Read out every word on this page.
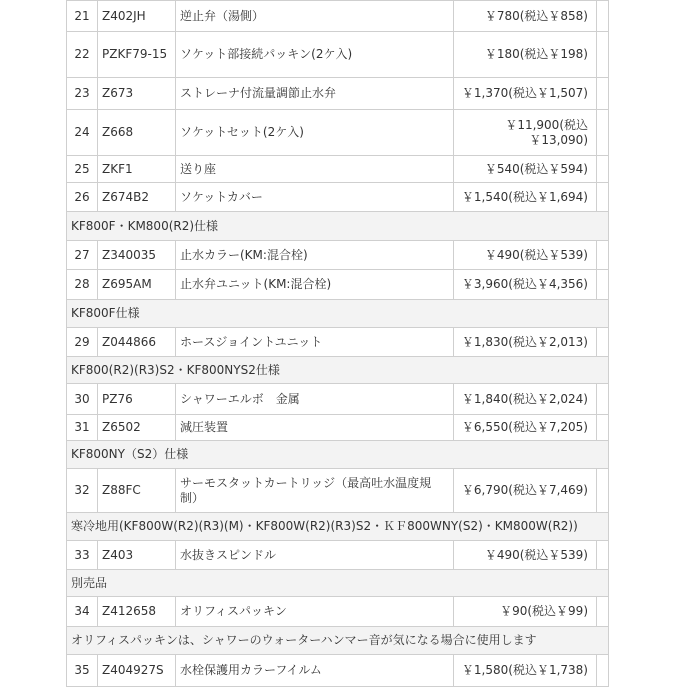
21	Z402JH	逆止弁（湯側）	￥780(税込￥858)	
22	PZKF79-15	ソケット部接続パッキン(2ケ入)	￥180(税込￥198)	
23	Z673	ストレーナ付流量調節止水弁	￥1,370(税込￥1,507)	
24	Z668	ソケットセット(2ケ入)	￥11,900(税込￥13,090)	
25	ZKF1	送り座	￥540(税込￥594)	
26	Z674B2	ソケットカバー	￥1,540(税込￥1,694)	
KF800F・KM800(R2)仕様				
27	Z340035	止水カラー(KM:混合栓)	￥490(税込￥539)	
28	Z695AM	止水弁ユニット(KM:混合栓)	￥3,960(税込￥4,356)	
KF800F仕様				
29	Z044866	ホースジョイントユニット	￥1,830(税込￥2,013)	
KF800(R2)(R3)S2・KF800NYS2仕様				
30	PZ76	シャワーエルボ　金属	￥1,840(税込￥2,024)	
31	Z6502	減圧装置	￥6,550(税込￥7,205)	
KF800NY（S2）仕様				
32	Z88FC	サーモスタットカートリッジ（最高吐水温度規制）	￥6,790(税込￥7,469)	
寒冷地用(KF800W(R2)(R3)(M)・KF800W(R2)(R3)S2・ＫＦ800WNY(S2)・KM800W(R2))				
33	Z403	水抜きスピンドル	￥490(税込￥539)	
別売品				
34	Z412658	オリフィスパッキン	￥90(税込￥99)	
オリフィスパッキンは、シャワーのウォーターハンマー音が気になる場合に使用します				
35	Z404927S	水栓保護用カラーフイルム	￥1,580(税込￥1,738)	
